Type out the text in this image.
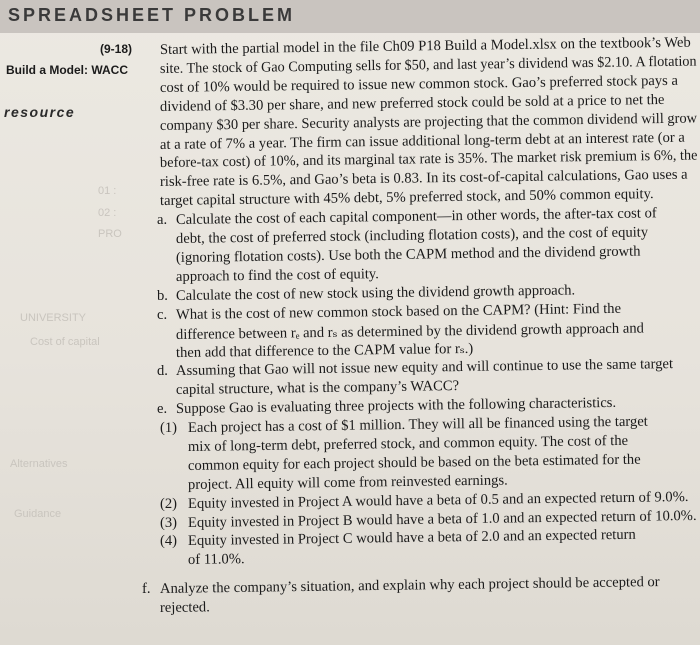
SPREADSHEET PROBLEM
(9-18)
Build a Model: WACC
resource
01 :
02 :
PRO
UNIVERSITY
Cost of capital
Alternatives
Guidance
Start with the partial model in the file Ch09 P18 Build a Model.xlsx on the textbook’s Web
site. The stock of Gao Computing sells for $50, and last year’s dividend was $2.10. A flotation
cost of 10% would be required to issue new common stock. Gao’s preferred stock pays a
dividend of $3.30 per share, and new preferred stock could be sold at a price to net the
company $30 per share. Security analysts are projecting that the common dividend will grow
at a rate of 7% a year. The firm can issue additional long-term debt at an interest rate (or a
before-tax cost) of 10%, and its marginal tax rate is 35%. The market risk premium is 6%, the
risk-free rate is 6.5%, and Gao’s beta is 0.83. In its cost-of-capital calculations, Gao uses a
target capital structure with 45% debt, 5% preferred stock, and 50% common equity.
Calculate the cost of each capital component—in other words, the after-tax cost of
a.
debt, the cost of preferred stock (including flotation costs), and the cost of equity
(ignoring flotation costs). Use both the CAPM method and the dividend growth
approach to find the cost of equity.
Calculate the cost of new stock using the dividend growth approach.
b.
What is the cost of new common stock based on the CAPM? (Hint: Find the
c.
difference between rₑ and rₛ as determined by the dividend growth approach and
then add that difference to the CAPM value for rₛ.)
Assuming that Gao will not issue new equity and will continue to use the same target
d.
capital structure, what is the company’s WACC?
Suppose Gao is evaluating three projects with the following characteristics.
e.
Each project has a cost of $1 million. They will all be financed using the target
(1)
mix of long-term debt, preferred stock, and common equity. The cost of the
common equity for each project should be based on the beta estimated for the
project. All equity will come from reinvested earnings.
Equity invested in Project A would have a beta of 0.5 and an expected return of 9.0%.
(2)
Equity invested in Project B would have a beta of 1.0 and an expected return of 10.0%.
(3)
Equity invested in Project C would have a beta of 2.0 and an expected return
(4)
of 11.0%.
Analyze the company’s situation, and explain why each project should be accepted or
f.
rejected.
